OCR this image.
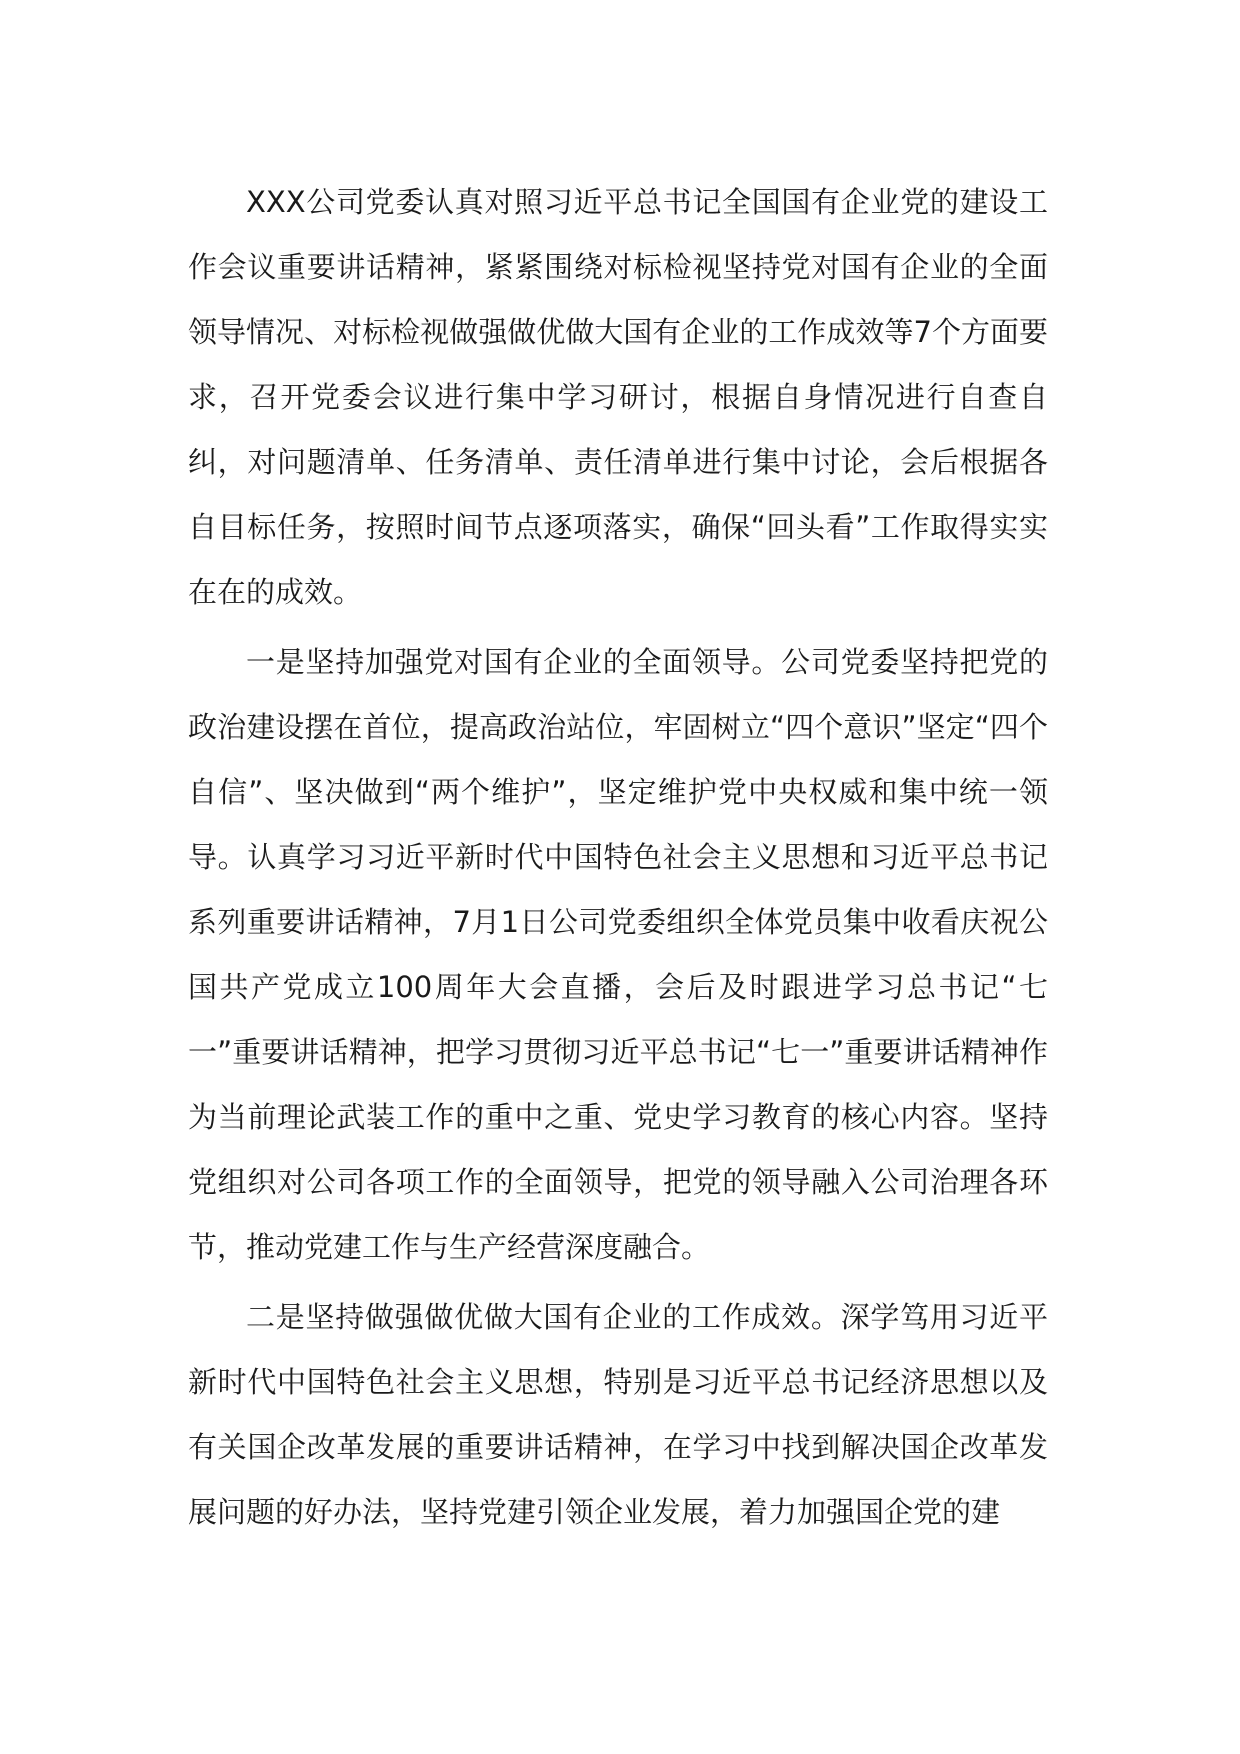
XXX公司党委认真对照习近平总书记全国国有企业党的建设工作会议重要讲话精神，紧紧围绕对标检视坚持党对国有企业的全面领导情况、对标检视做强做优做大国有企业的工作成效等7个方面要求，召开党委会议进行集中学习研讨，根据自身情况进行自查自纠，对问题清单、任务清单、责任清单进行集中讨论，会后根据各自目标任务，按照时间节点逐项落实，确保“回头看”工作取得实实在在的成效。

一是坚持加强党对国有企业的全面领导。公司党委坚持把党的政治建设摆在首位，提高政治站位，牢固树立“四个意识”坚定“四个自信”、坚决做到“两个维护”，坚定维护党中央权威和集中统一领导。认真学习习近平新时代中国特色社会主义思想和习近平总书记系列重要讲话精神，7月1日公司党委组织全体党员集中收看庆祝公国共产党成立100周年大会直播，会后及时跟进学习总书记“七一”重要讲话精神，把学习贯彻习近平总书记“七一”重要讲话精神作为当前理论武装工作的重中之重、党史学习教育的核心内容。坚持党组织对公司各项工作的全面领导，把党的领导融入公司治理各环节，推动党建工作与生产经营深度融合。

二是坚持做强做优做大国有企业的工作成效。深学笃用习近平新时代中国特色社会主义思想，特别是习近平总书记经济思想以及有关国企改革发展的重要讲话精神，在学习中找到解决国企改革发展问题的好办法，坚持党建引领企业发展，着力加强国企党的建
